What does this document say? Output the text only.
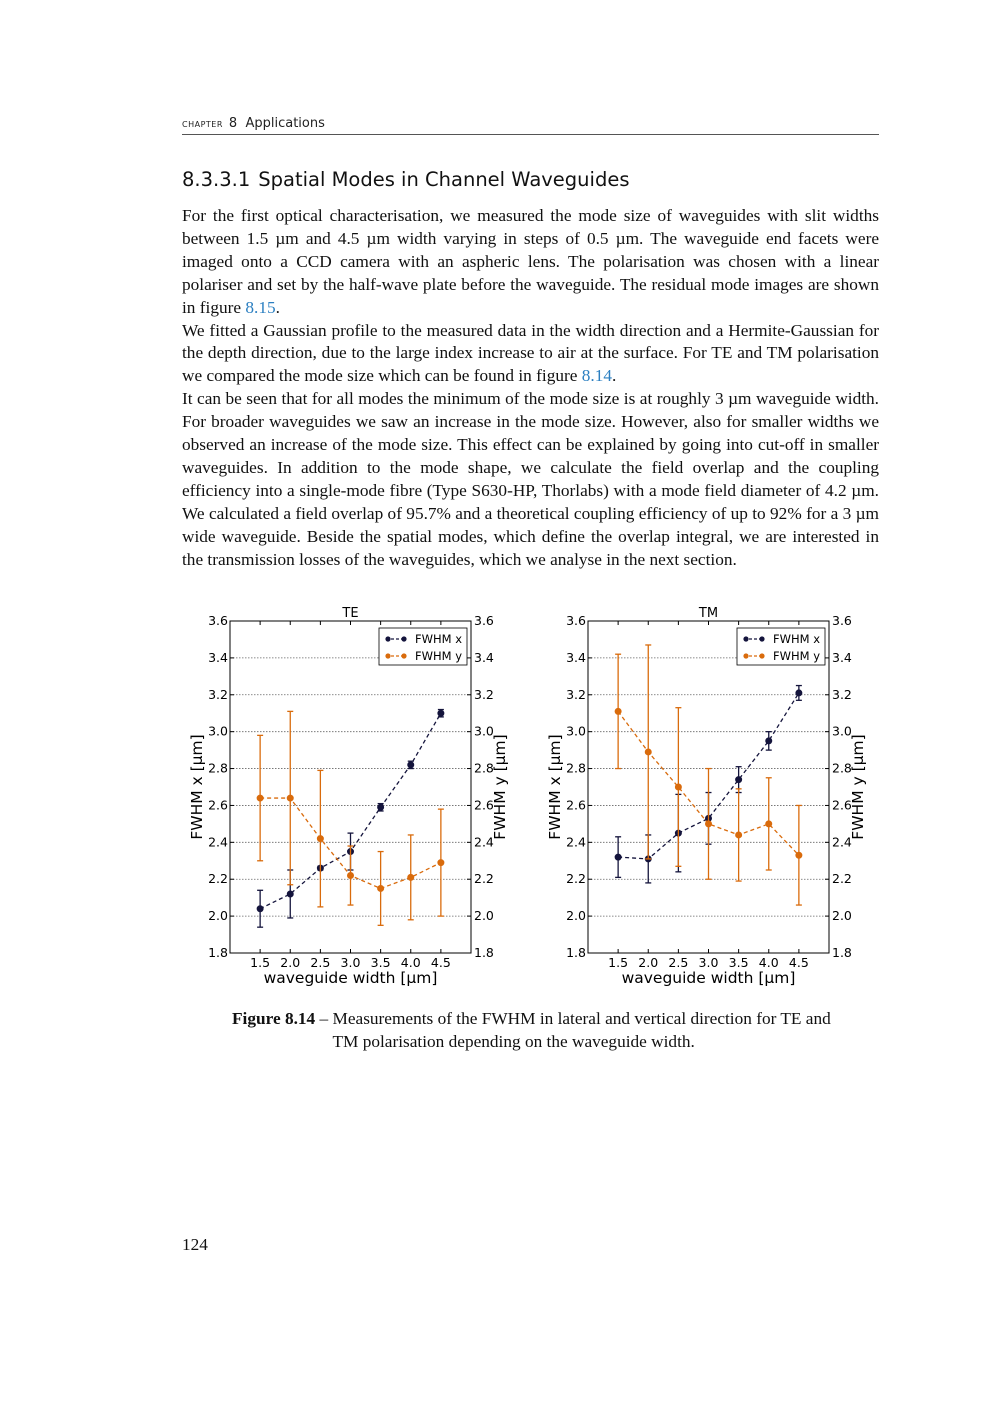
chapter 8 Applications
8.3.3.1 Spatial Modes in Channel Waveguides

For the first optical characterisation, we measured the mode size of waveguides with slit widths between 1.5 µm and 4.5 µm width varying in steps of 0.5 µm. The waveguide end facets were imaged onto a CCD camera with an aspheric lens. The polarisation was chosen with a linear polariser and set by the half-wave plate before the waveguide. The residual mode images are shown in figure 8.15.

We fitted a Gaussian profile to the measured data in the width direction and a Hermite-Gaussian for the depth direction, due to the large index increase to air at the surface. For TE and TM polarisation we compared the mode size which can be found in figure 8.14.

It can be seen that for all modes the minimum of the mode size is at roughly 3 µm waveguide width. For broader waveguides we saw an increase in the mode size. However, also for smaller widths we observed an increase of the mode size. This effect can be explained by going into cut-off in smaller waveguides. In addition to the mode shape, we calculate the field overlap and the coupling efficiency into a single-mode fibre (Type S630-HP, Thorlabs) with a mode field diameter of 4.2 µm. We calculated a field overlap of 95.7% and a theoretical coupling efficiency of up to 92% for a 3 µm wide waveguide. Beside the spatial modes, which define the overlap integral, we are interested in the transmission losses of the waveguides, which we analyse in the next section.

1.8	1.8
2.0	2.0
2.2	2.2
2.4	2.4
2.6	2.6
2.8	2.8
3.0	3.0
3.2	3.2
3.4	3.4
3.6	3.6
1.5 2.0 2.5 3.0 3.5 4.0 4.5
TE
waveguide width [µm]
FWHM x [µm]	FWHM y [µm]
FWHM x
FWHM y
1.8	1.8
2.0	2.0
2.2	2.2
2.4	2.4
2.6	2.6
2.8	2.8
3.0	3.0
3.2	3.2
3.4	3.4
3.6	3.6
1.5 2.0 2.5 3.0 3.5 4.0 4.5
TM
waveguide width [µm]
FWHM x [µm]	FWHM y [µm]
FWHM x
FWHM y
Figure 8.14 – Measurements of the FWHM in lateral and vertical direction for TE and TM polarisation depending on the waveguide width.
124
